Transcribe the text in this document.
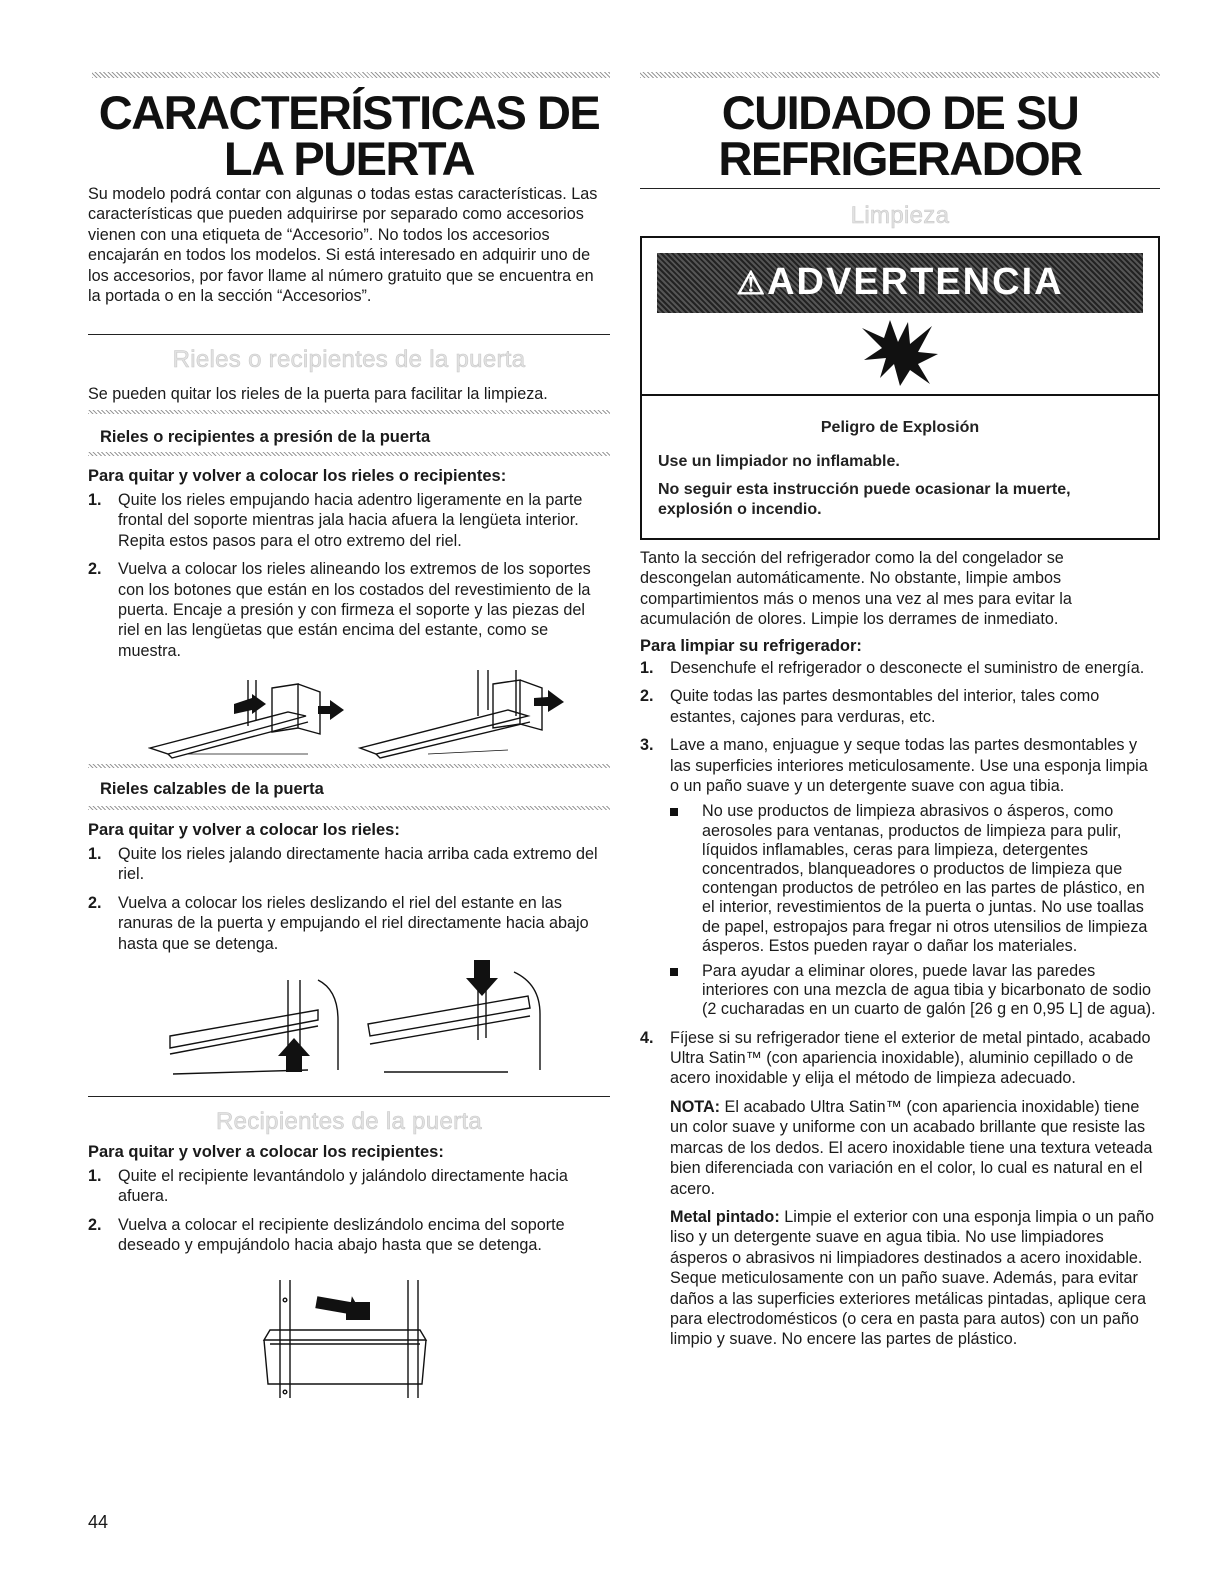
CARACTERÍSTICAS DE
LA PUERTA

Su modelo podrá contar con algunas o todas estas características. Las características que pueden adquirirse por separado como accesorios vienen con una etiqueta de “Accesorio”. No todos los accesorios encajarán en todos los modelos. Si está interesado en adquirir uno de los accesorios, por favor llame al número gratuito que se encuentra en la portada o en la sección “Accesorios”.

Rieles o recipientes de la puerta

Se pueden quitar los rieles de la puerta para facilitar la limpieza.

Rieles o recipientes a presión de la puerta

Para quitar y volver a colocar los rieles o recipientes:

1. Quite los rieles empujando hacia adentro ligeramente en la parte frontal del soporte mientras jala hacia afuera la lengüeta interior. Repita estos pasos para el otro extremo del riel.
2. Vuelva a colocar los rieles alineando los extremos de los soportes con los botones que están en los costados del revestimiento de la puerta. Encaje a presión y con firmeza el soporte y las piezas del riel en las lengüetas que están encima del estante, como se muestra.

Rieles calzables de la puerta

Para quitar y volver a colocar los rieles:

1. Quite los rieles jalando directamente hacia arriba cada extremo del riel.
2. Vuelva a colocar los rieles deslizando el riel del estante en las ranuras de la puerta y empujando el riel directamente hacia abajo hasta que se detenga.
Recipientes de la puerta

Para quitar y volver a colocar los recipientes:

1. Quite el recipiente levantándolo y jalándolo directamente hacia afuera.
2. Vuelva a colocar el recipiente deslizándolo encima del soporte deseado y empujándolo hacia abajo hasta que se detenga.
CUIDADO DE SU
REFRIGERADOR
Limpieza

⚠ADVERTENCIA

Peligro de Explosión

Use un limpiador no inflamable.

No seguir esta instrucción puede ocasionar la muerte, explosión o incendio.

Tanto la sección del refrigerador como la del congelador se descongelan automáticamente. No obstante, limpie ambos compartimientos más o menos una vez al mes para evitar la acumulación de olores. Limpie los derrames de inmediato.

Para limpiar su refrigerador:

1. Desenchufe el refrigerador o desconecte el suministro de energía.
2. Quite todas las partes desmontables del interior, tales como estantes, cajones para verduras, etc.
3. Lave a mano, enjuague y seque todas las partes desmontables y las superficies interiores meticulosamente. Use una esponja limpia o un paño suave y un detergente suave con agua tibia.
No use productos de limpieza abrasivos o ásperos, como aerosoles para ventanas, productos de limpieza para pulir, líquidos inflamables, ceras para limpieza, detergentes concentrados, blanqueadores o productos de limpieza que contengan productos de petróleo en las partes de plástico, en el interior, revestimientos de la puerta o juntas. No use toallas de papel, estropajos para fregar ni otros utensilios de limpieza ásperos. Estos pueden rayar o dañar los materiales.
Para ayudar a eliminar olores, puede lavar las paredes interiores con una mezcla de agua tibia y bicarbonato de sodio (2 cucharadas en un cuarto de galón [26 g en 0,95 L] de agua).
4. Fíjese si su refrigerador tiene el exterior de metal pintado, acabado Ultra Satin™ (con apariencia inoxidable), aluminio cepillado o de acero inoxidable y elija el método de limpieza adecuado.

NOTA: El acabado Ultra Satin™ (con apariencia inoxidable) tiene un color suave y uniforme con un acabado brillante que resiste las marcas de los dedos. El acero inoxidable tiene una textura veteada bien diferenciada con variación en el color, lo cual es natural en el acero.

Metal pintado: Limpie el exterior con una esponja limpia o un paño liso y un detergente suave en agua tibia. No use limpiadores ásperos o abrasivos ni limpiadores destinados a acero inoxidable. Seque meticulosamente con un paño suave. Además, para evitar daños a las superficies exteriores metálicas pintadas, aplique cera para electrodomésticos (o cera en pasta para autos) con un paño limpio y suave. No encere las partes de plástico.

44
